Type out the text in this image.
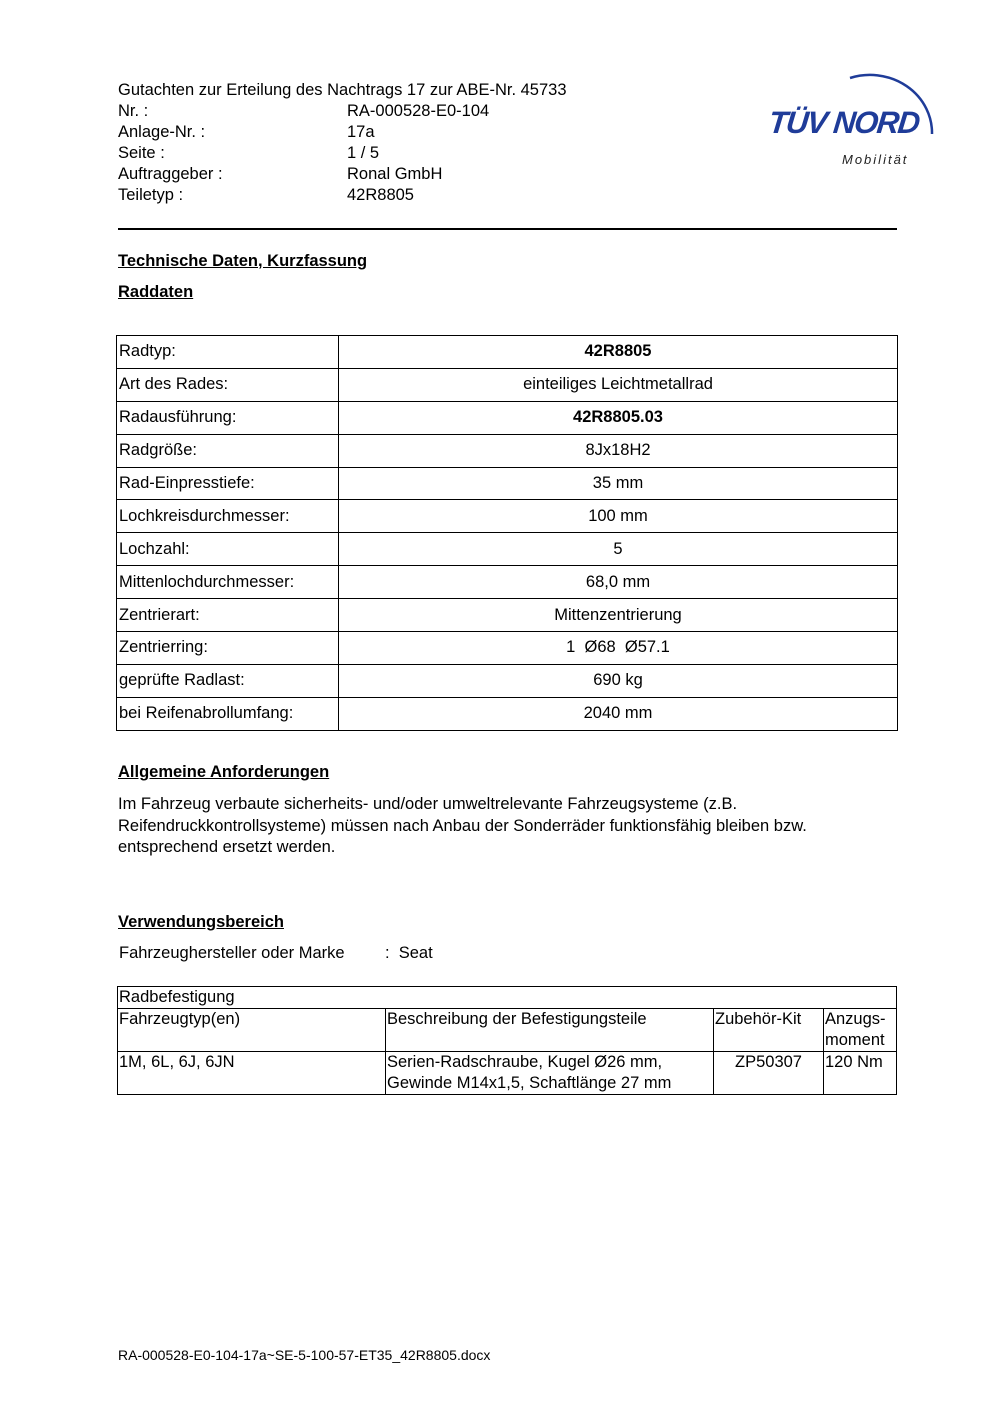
Gutachten zur Erteilung des Nachtrags 17 zur ABE-Nr. 45733
Nr. :	RA-000528-E0-104
Anlage-Nr. :	17a
Seite :	1 / 5
Auftraggeber :	Ronal GmbH
Teiletyp :	42R8805
TÜV NORD
Mobilität
Technische Daten, Kurzfassung
Raddaten
Radtyp:	42R8805
Art des Rades:	einteiliges Leichtmetallrad
Radausführung:	42R8805.03
Radgröße:	8Jx18H2
Rad-Einpresstiefe:	35 mm
Lochkreisdurchmesser:	100 mm
Lochzahl:	5
Mittenlochdurchmesser:	68,0 mm
Zentrierart:	Mittenzentrierung
Zentrierring:	1  Ø68  Ø57.1
geprüfte Radlast:	690 kg
bei Reifenabrollumfang:	2040 mm
Allgemeine Anforderungen
Im Fahrzeug verbaute sicherheits- und/oder umweltrelevante Fahrzeugsysteme (z.B. Reifendruckkontrollsysteme) müssen nach Anbau der Sonderräder funktionsfähig bleiben bzw. entsprechend ersetzt werden.
Verwendungsbereich
Fahrzeughersteller oder Marke	:  Seat
Radbefestigung			
Fahrzeugtyp(en)	Beschreibung der Befestigungsteile	Zubehör-Kit	Anzugs- moment
1M, 6L, 6J, 6JN	Serien-Radschraube, Kugel Ø26 mm, Gewinde M14x1,5, Schaftlänge 27 mm	ZP50307	120 Nm
RA-000528-E0-104-17a~SE-5-100-57-ET35_42R8805.docx
